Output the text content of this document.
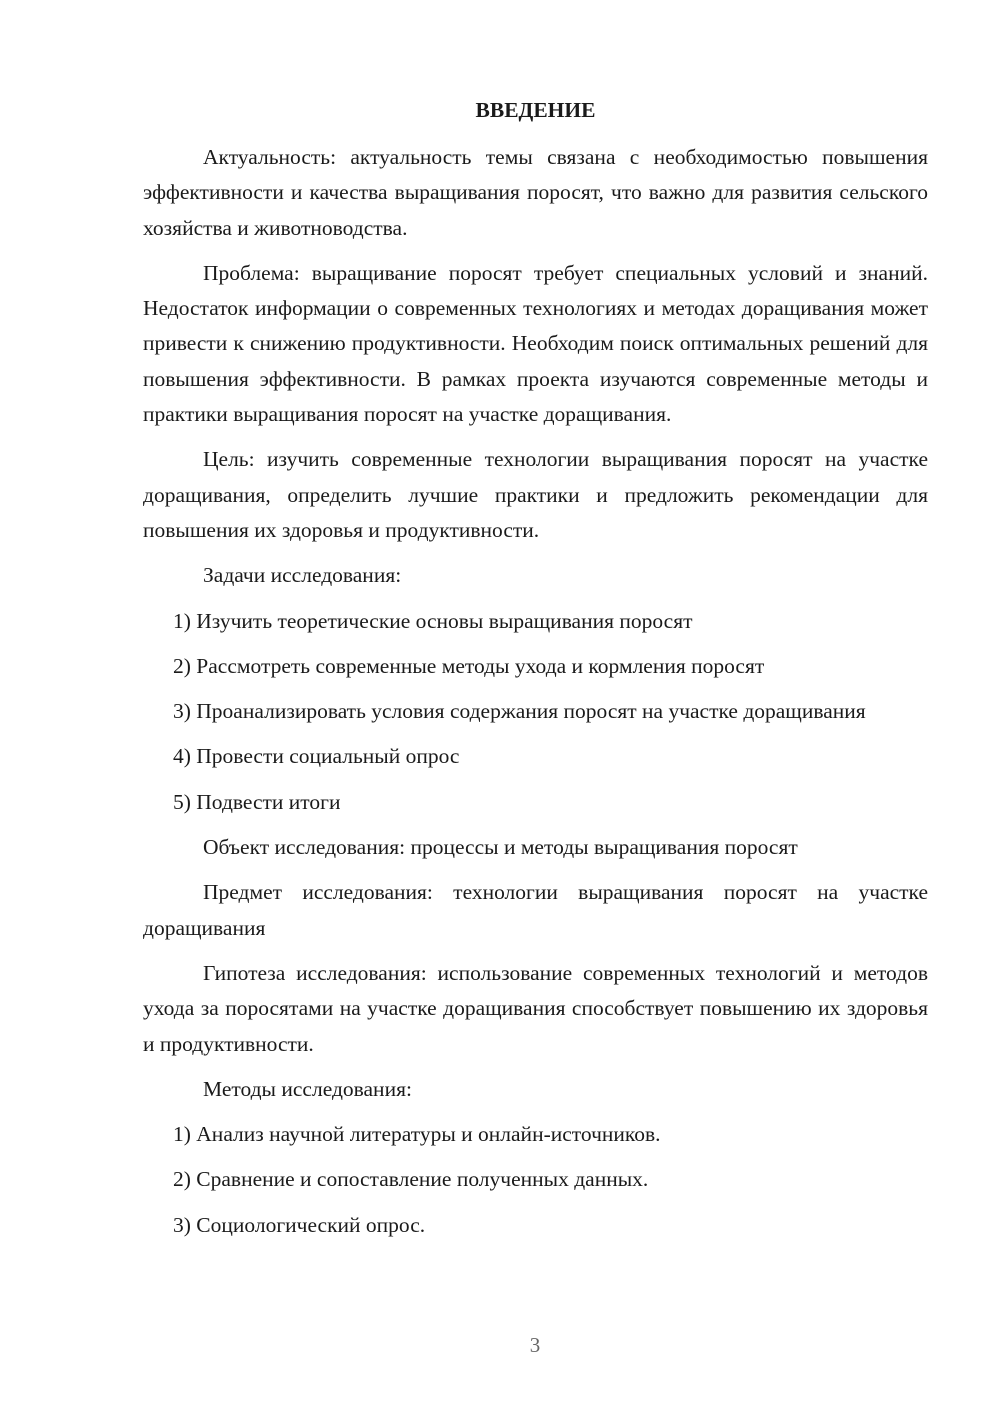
ВВЕДЕНИЕ

Актуальность: актуальность темы связана с необходимостью повышения эффективности и качества выращивания поросят, что важно для развития сельского хозяйства и животноводства.

Проблема: выращивание поросят требует специальных условий и знаний. Недостаток информации о современных технологиях и методах доращивания может привести к снижению продуктивности. Необходим поиск оптимальных решений для повышения эффективности. В рамках проекта изучаются современные методы и практики выращивания поросят на участке доращивания.

Цель: изучить современные технологии выращивания поросят на участке доращивания, определить лучшие практики и предложить рекомендации для повышения их здоровья и продуктивности.

Задачи исследования:

1) Изучить теоретические основы выращивания поросят

2) Рассмотреть современные методы ухода и кормления поросят

3) Проанализировать условия содержания поросят на участке доращивания

4) Провести социальный опрос

5) Подвести итоги

Объект исследования: процессы и методы выращивания поросят

Предмет исследования: технологии выращивания поросят на участке доращивания

Гипотеза исследования: использование современных технологий и методов ухода за поросятами на участке доращивания способствует повышению их здоровья и продуктивности.

Методы исследования:

1) Анализ научной литературы и онлайн-источников.

2) Сравнение и сопоставление полученных данных.

3) Социологический опрос.

3
